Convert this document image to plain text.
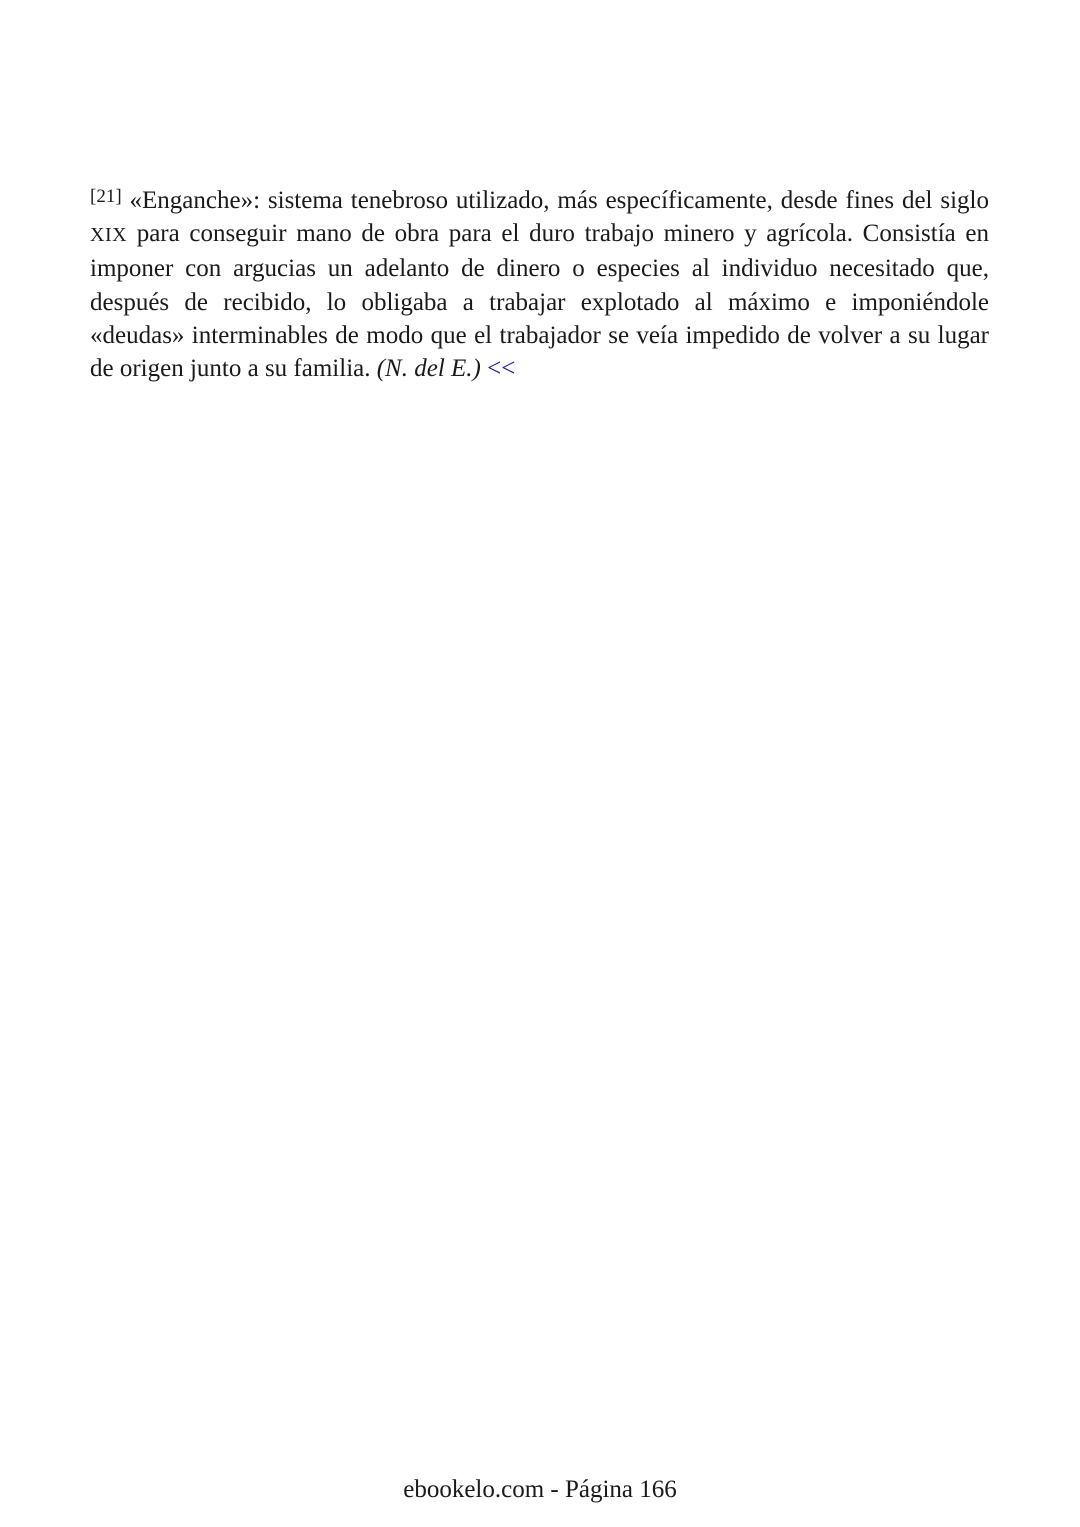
[21] «Enganche»: sistema tenebroso utilizado, más específicamente, desde fines del siglo XIX para conseguir mano de obra para el duro trabajo minero y agrícola. Consistía en imponer con argucias un adelanto de dinero o especies al individuo necesitado que, después de recibido, lo obligaba a trabajar explotado al máximo e imponiéndole «deudas» interminables de modo que el trabajador se veía impedido de volver a su lugar de origen junto a su familia. (N. del E.) <<

ebookelo.com - Página 166
